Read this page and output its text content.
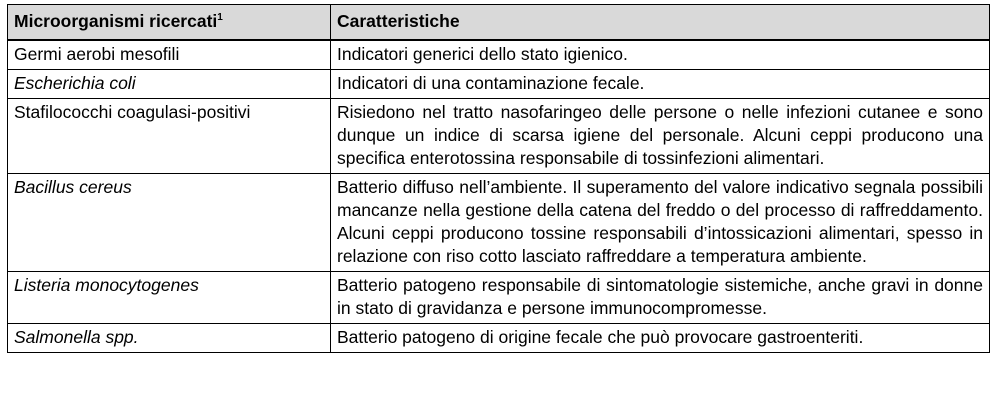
Microorganismi ricercati$^1$	Caratteristiche
Germi aerobi mesofili	Indicatori generici dello stato igienico.
Escherichia coli	Indicatori di una contaminazione fecale.
Stafilococchi coagulasi-positivi	Risiedono nel tratto nasofaringeo delle persone o nelle infezioni cutanee e sono dunque un indice di scarsa igiene del personale. Alcuni ceppi producono una specifica enterotossina responsabile di tossinfezioni alimentari.
Bacillus cereus	Batterio diffuso nell’ambiente. Il superamento del valore indicativo segnala possibili mancanze nella gestione della catena del freddo o del processo di raffreddamento. Alcuni ceppi producono tossine responsabili d’intossicazioni alimentari, spesso in relazione con riso cotto lasciato raffreddare a temperatura ambiente.
Listeria monocytogenes	Batterio patogeno responsabile di sintomatologie sistemiche, anche gravi in donne in stato di gravidanza e persone immunocompromesse.
Salmonella spp.	Batterio patogeno di origine fecale che può provocare gastroenteriti.
